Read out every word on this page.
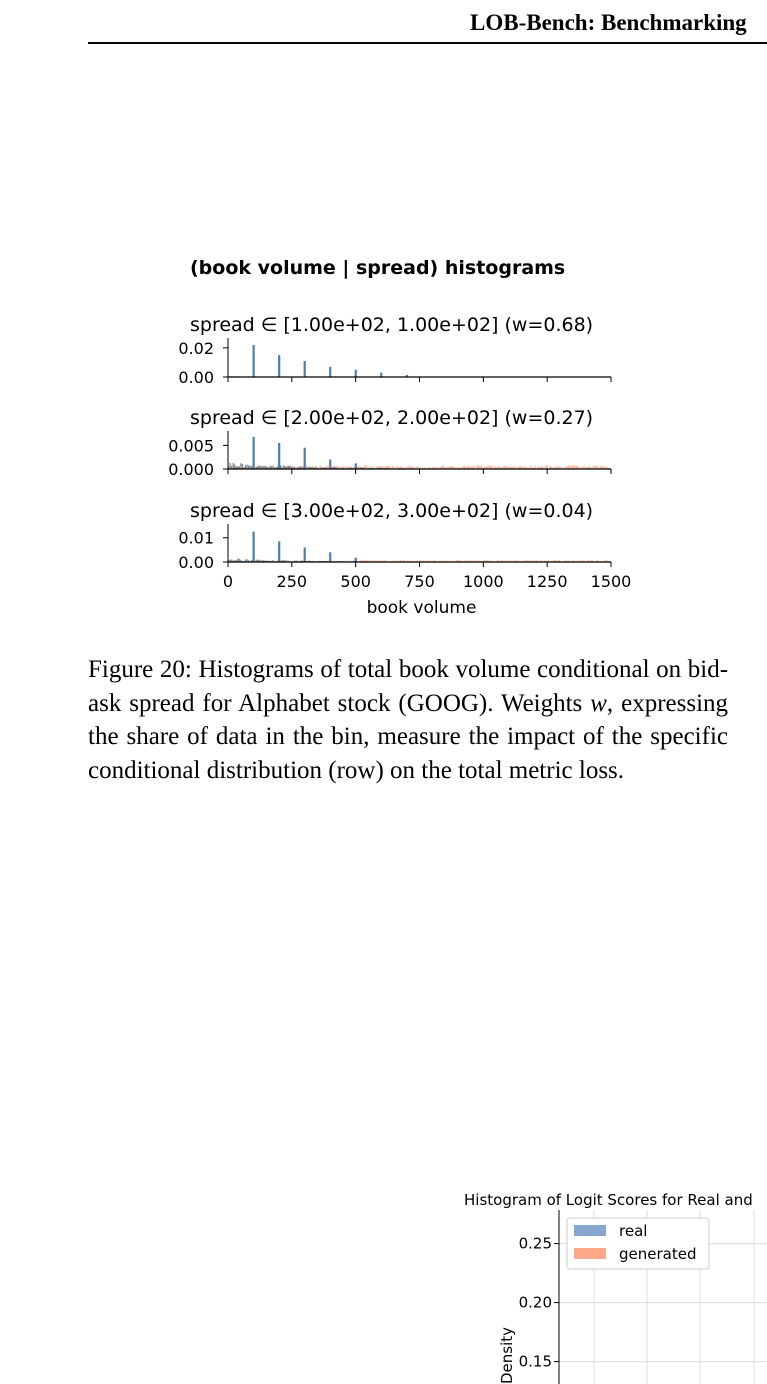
LOB-Bench: Benchmarking
(book volume | spread) histograms
spread ∈ [1.00e+02, 1.00e+02] (w=0.68)
0.00
0.02
spread ∈ [2.00e+02, 2.00e+02] (w=0.27)
0.000
0.005
spread ∈ [3.00e+02, 3.00e+02] (w=0.04)
0.00
0.01
0	250 500 750 1000 1250 1500
book volume
Figure 20: Histograms of total book volume conditional on bid-ask spread for Alphabet stock (GOOG). Weights w, expressing the share of data in the bin, measure the impact of the specific conditional distribution (row) on the total metric loss.
Histogram of Logit Scores for Real and
0.25
0.20
0.15
Density
real
generated
